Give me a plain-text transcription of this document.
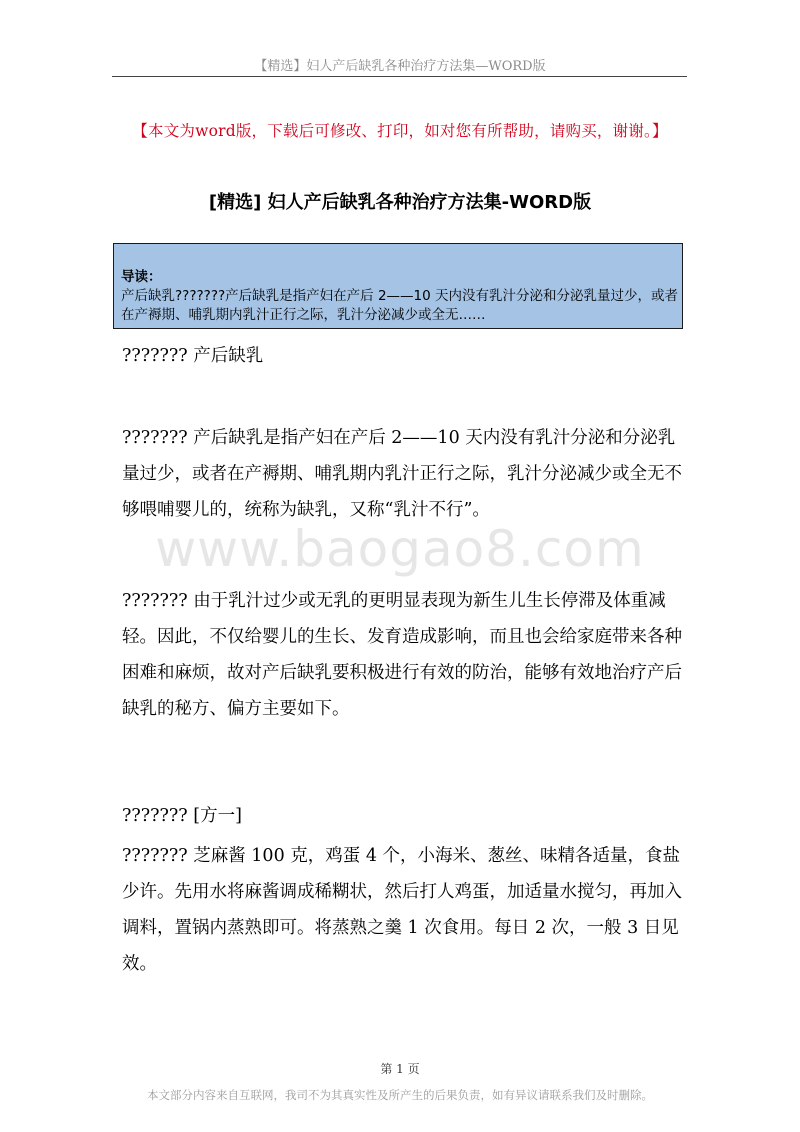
【精选】妇人产后缺乳各种治疗方法集—WORD版
【本文为word版，下载后可修改、打印，如对您有所帮助，请购买，谢谢。】
[精选] 妇人产后缺乳各种治疗方法集-WORD版
导读：
产后缺乳???????产后缺乳是指产妇在产后 2——10 天内没有乳汁分泌和分泌乳量过少，或者在产褥期、哺乳期内乳汁正行之际，乳汁分泌减少或全无……
www.baogao8.com
??????? 产后缺乳
??????? 产后缺乳是指产妇在产后 2——10 天内没有乳汁分泌和分泌乳量过少，或者在产褥期、哺乳期内乳汁正行之际，乳汁分泌减少或全无不够喂哺婴儿的，统称为缺乳，又称“乳汁不行”。
??????? 由于乳汁过少或无乳的更明显表现为新生儿生长停滞及体重减轻。因此，不仅给婴儿的生长、发育造成影响，而且也会给家庭带来各种困难和麻烦，故对产后缺乳要积极进行有效的防治，能够有效地治疗产后缺乳的秘方、偏方主要如下。
??????? [方一]
??????? 芝麻酱 100 克，鸡蛋 4 个，小海米、葱丝、味精各适量，食盐少许。先用水将麻酱调成稀糊状，然后打人鸡蛋，加适量水搅匀，再加入调料，置锅内蒸熟即可。将蒸熟之羹 1 次食用。每日 2 次，一般 3 日见效。
第 1 页
本文部分内容来自互联网，我司不为其真实性及所产生的后果负责，如有异议请联系我们及时删除。
